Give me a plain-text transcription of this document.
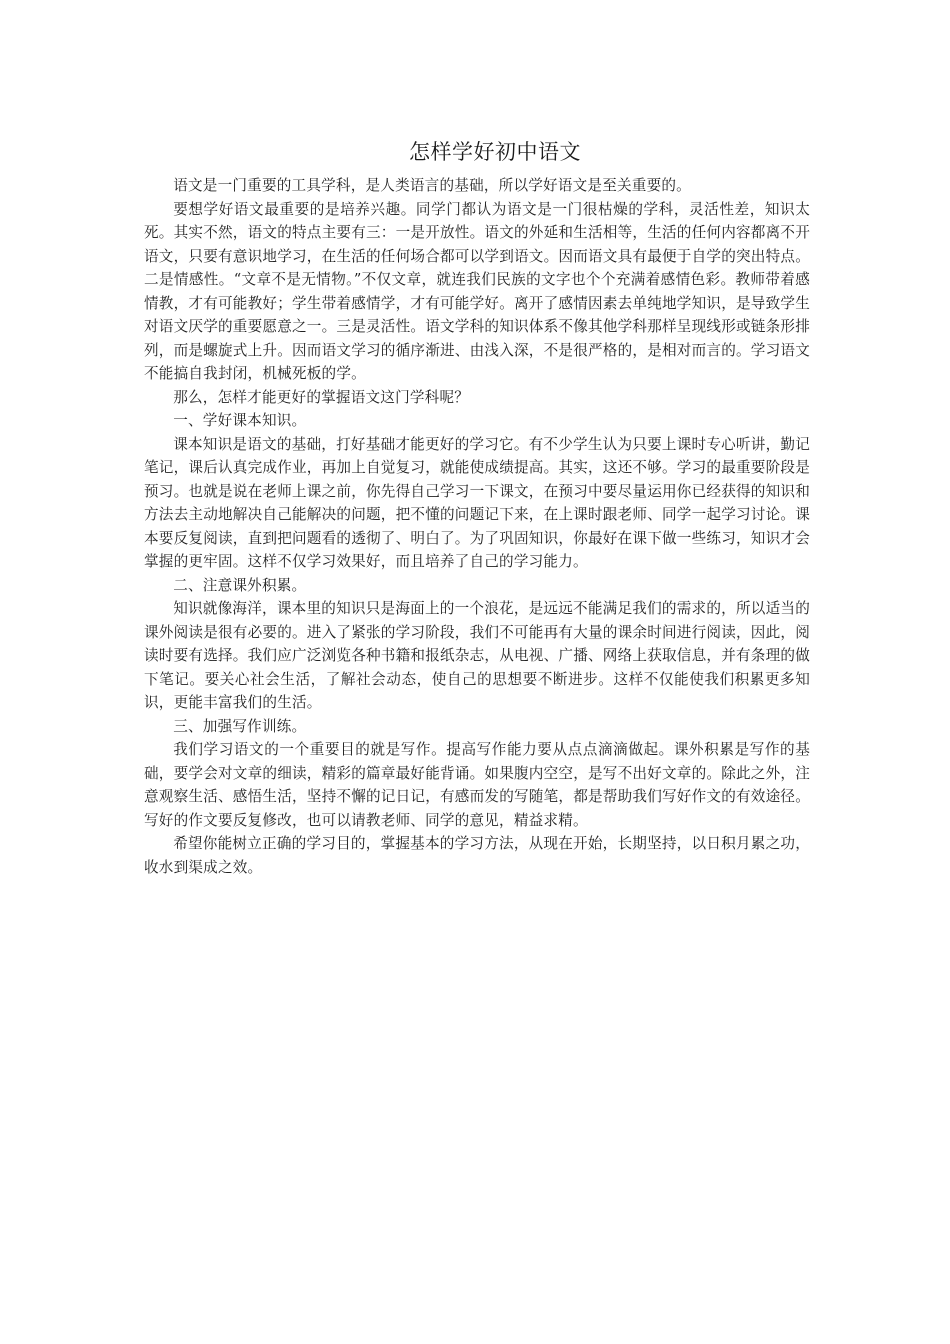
怎样学好初中语文

语文是一门重要的工具学科，是人类语言的基础，所以学好语文是至关重要的。

要想学好语文最重要的是培养兴趣。同学门都认为语文是一门很枯燥的学科，灵活性差，知识太死。其实不然，语文的特点主要有三：一是开放性。语文的外延和生活相等，生活的任何内容都离不开语文，只要有意识地学习，在生活的任何场合都可以学到语文。因而语文具有最便于自学的突出特点。二是情感性。“文章不是无情物。”不仅文章，就连我们民族的文字也个个充满着感情色彩。教师带着感情教，才有可能教好；学生带着感情学，才有可能学好。离开了感情因素去单纯地学知识，是导致学生对语文厌学的重要愿意之一。三是灵活性。语文学科的知识体系不像其他学科那样呈现线形或链条形排列，而是螺旋式上升。因而语文学习的循序渐进、由浅入深，不是很严格的，是相对而言的。学习语文不能搞自我封闭，机械死板的学。

那么，怎样才能更好的掌握语文这门学科呢？

一、学好课本知识。

课本知识是语文的基础，打好基础才能更好的学习它。有不少学生认为只要上课时专心听讲，勤记笔记，课后认真完成作业，再加上自觉复习，就能使成绩提高。其实，这还不够。学习的最重要阶段是预习。也就是说在老师上课之前，你先得自己学习一下课文，在预习中要尽量运用你已经获得的知识和方法去主动地解决自己能解决的问题，把不懂的问题记下来，在上课时跟老师、同学一起学习讨论。课本要反复阅读，直到把问题看的透彻了、明白了。为了巩固知识，你最好在课下做一些练习，知识才会掌握的更牢固。这样不仅学习效果好，而且培养了自己的学习能力。

二、注意课外积累。

知识就像海洋，课本里的知识只是海面上的一个浪花，是远远不能满足我们的需求的，所以适当的课外阅读是很有必要的。进入了紧张的学习阶段，我们不可能再有大量的课余时间进行阅读，因此，阅读时要有选择。我们应广泛浏览各种书籍和报纸杂志，从电视、广播、网络上获取信息，并有条理的做下笔记。要关心社会生活，了解社会动态，使自己的思想要不断进步。这样不仅能使我们积累更多知识，更能丰富我们的生活。

三、加强写作训练。

我们学习语文的一个重要目的就是写作。提高写作能力要从点点滴滴做起。课外积累是写作的基础，要学会对文章的细读，精彩的篇章最好能背诵。如果腹内空空，是写不出好文章的。除此之外，注意观察生活、感悟生活，坚持不懈的记日记，有感而发的写随笔，都是帮助我们写好作文的有效途径。写好的作文要反复修改，也可以请教老师、同学的意见，精益求精。

希望你能树立正确的学习目的，掌握基本的学习方法，从现在开始，长期坚持，以日积月累之功，收水到渠成之效。
